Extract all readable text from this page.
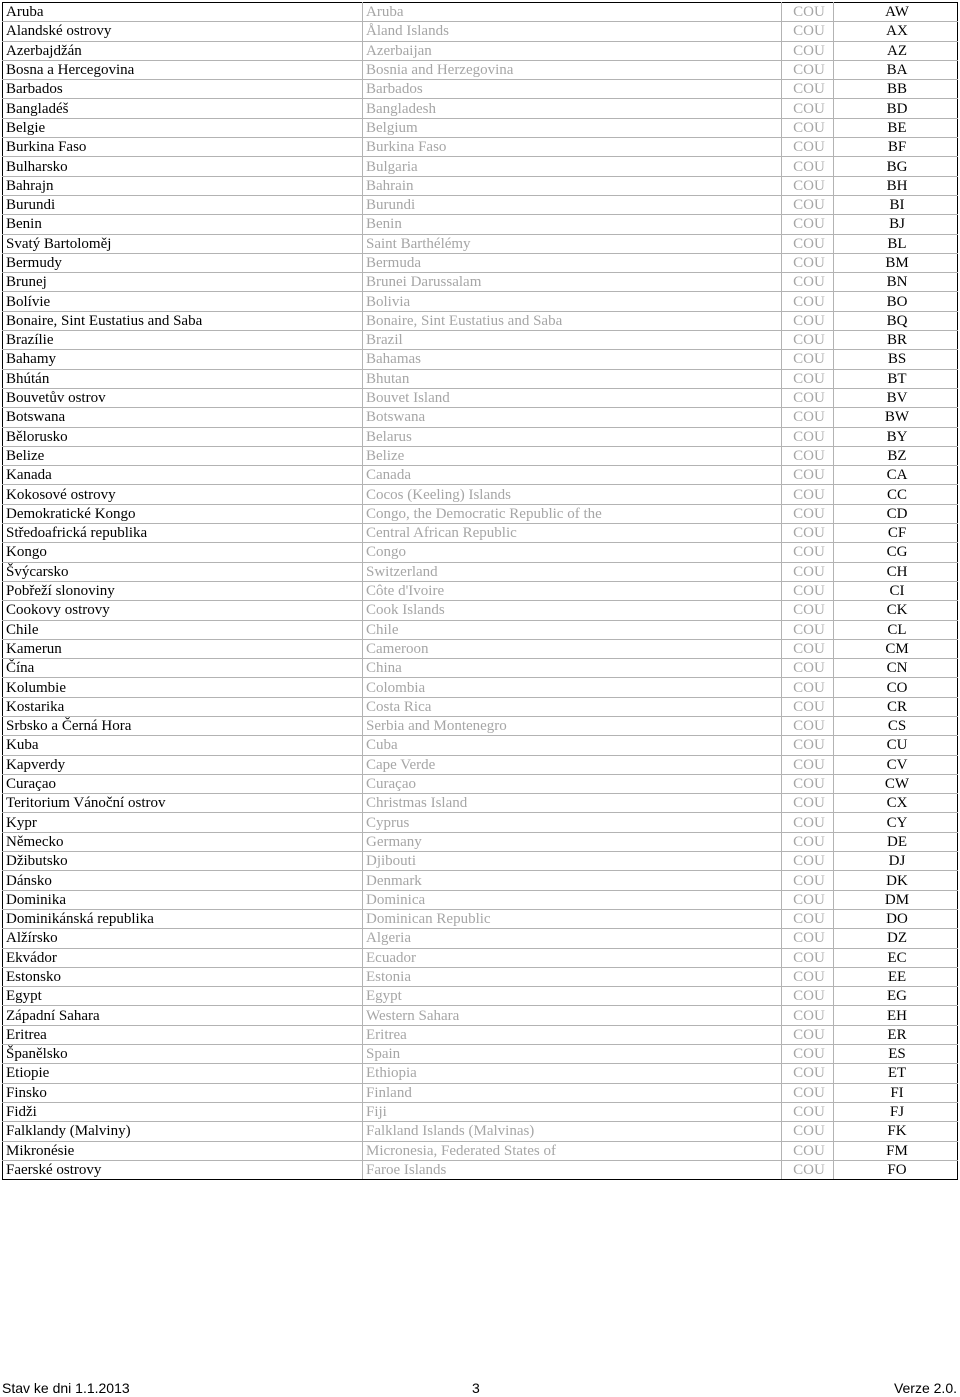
Aruba	Aruba	COU	AW
Alandské ostrovy	Åland Islands	COU	AX
Azerbajdžán	Azerbaijan	COU	AZ
Bosna a Hercegovina	Bosnia and Herzegovina	COU	BA
Barbados	Barbados	COU	BB
Bangladéš	Bangladesh	COU	BD
Belgie	Belgium	COU	BE
Burkina Faso	Burkina Faso	COU	BF
Bulharsko	Bulgaria	COU	BG
Bahrajn	Bahrain	COU	BH
Burundi	Burundi	COU	BI
Benin	Benin	COU	BJ
Svatý Bartoloměj	Saint Barthélémy	COU	BL
Bermudy	Bermuda	COU	BM
Brunej	Brunei Darussalam	COU	BN
Bolívie	Bolivia	COU	BO
Bonaire, Sint Eustatius and Saba	Bonaire, Sint Eustatius and Saba	COU	BQ
Brazílie	Brazil	COU	BR
Bahamy	Bahamas	COU	BS
Bhútán	Bhutan	COU	BT
Bouvetův ostrov	Bouvet Island	COU	BV
Botswana	Botswana	COU	BW
Bělorusko	Belarus	COU	BY
Belize	Belize	COU	BZ
Kanada	Canada	COU	CA
Kokosové ostrovy	Cocos (Keeling) Islands	COU	CC
Demokratické Kongo	Congo, the Democratic Republic of the	COU	CD
Středoafrická republika	Central African Republic	COU	CF
Kongo	Congo	COU	CG
Švýcarsko	Switzerland	COU	CH
Pobřeží slonoviny	Côte d'Ivoire	COU	CI
Cookovy ostrovy	Cook Islands	COU	CK
Chile	Chile	COU	CL
Kamerun	Cameroon	COU	CM
Čína	China	COU	CN
Kolumbie	Colombia	COU	CO
Kostarika	Costa Rica	COU	CR
Srbsko a Černá Hora	Serbia and Montenegro	COU	CS
Kuba	Cuba	COU	CU
Kapverdy	Cape Verde	COU	CV
Curaçao	Curaçao	COU	CW
Teritorium Vánoční ostrov	Christmas Island	COU	CX
Kypr	Cyprus	COU	CY
Německo	Germany	COU	DE
Džibutsko	Djibouti	COU	DJ
Dánsko	Denmark	COU	DK
Dominika	Dominica	COU	DM
Dominikánská republika	Dominican Republic	COU	DO
Alžírsko	Algeria	COU	DZ
Ekvádor	Ecuador	COU	EC
Estonsko	Estonia	COU	EE
Egypt	Egypt	COU	EG
Západní Sahara	Western Sahara	COU	EH
Eritrea	Eritrea	COU	ER
Španělsko	Spain	COU	ES
Etiopie	Ethiopia	COU	ET
Finsko	Finland	COU	FI
Fidži	Fiji	COU	FJ
Falklandy (Malviny)	Falkland Islands (Malvinas)	COU	FK
Mikronésie	Micronesia, Federated States of	COU	FM
Faerské ostrovy	Faroe Islands	COU	FO
Stav ke dni 1.1.2013	3	Verze 2.0.
